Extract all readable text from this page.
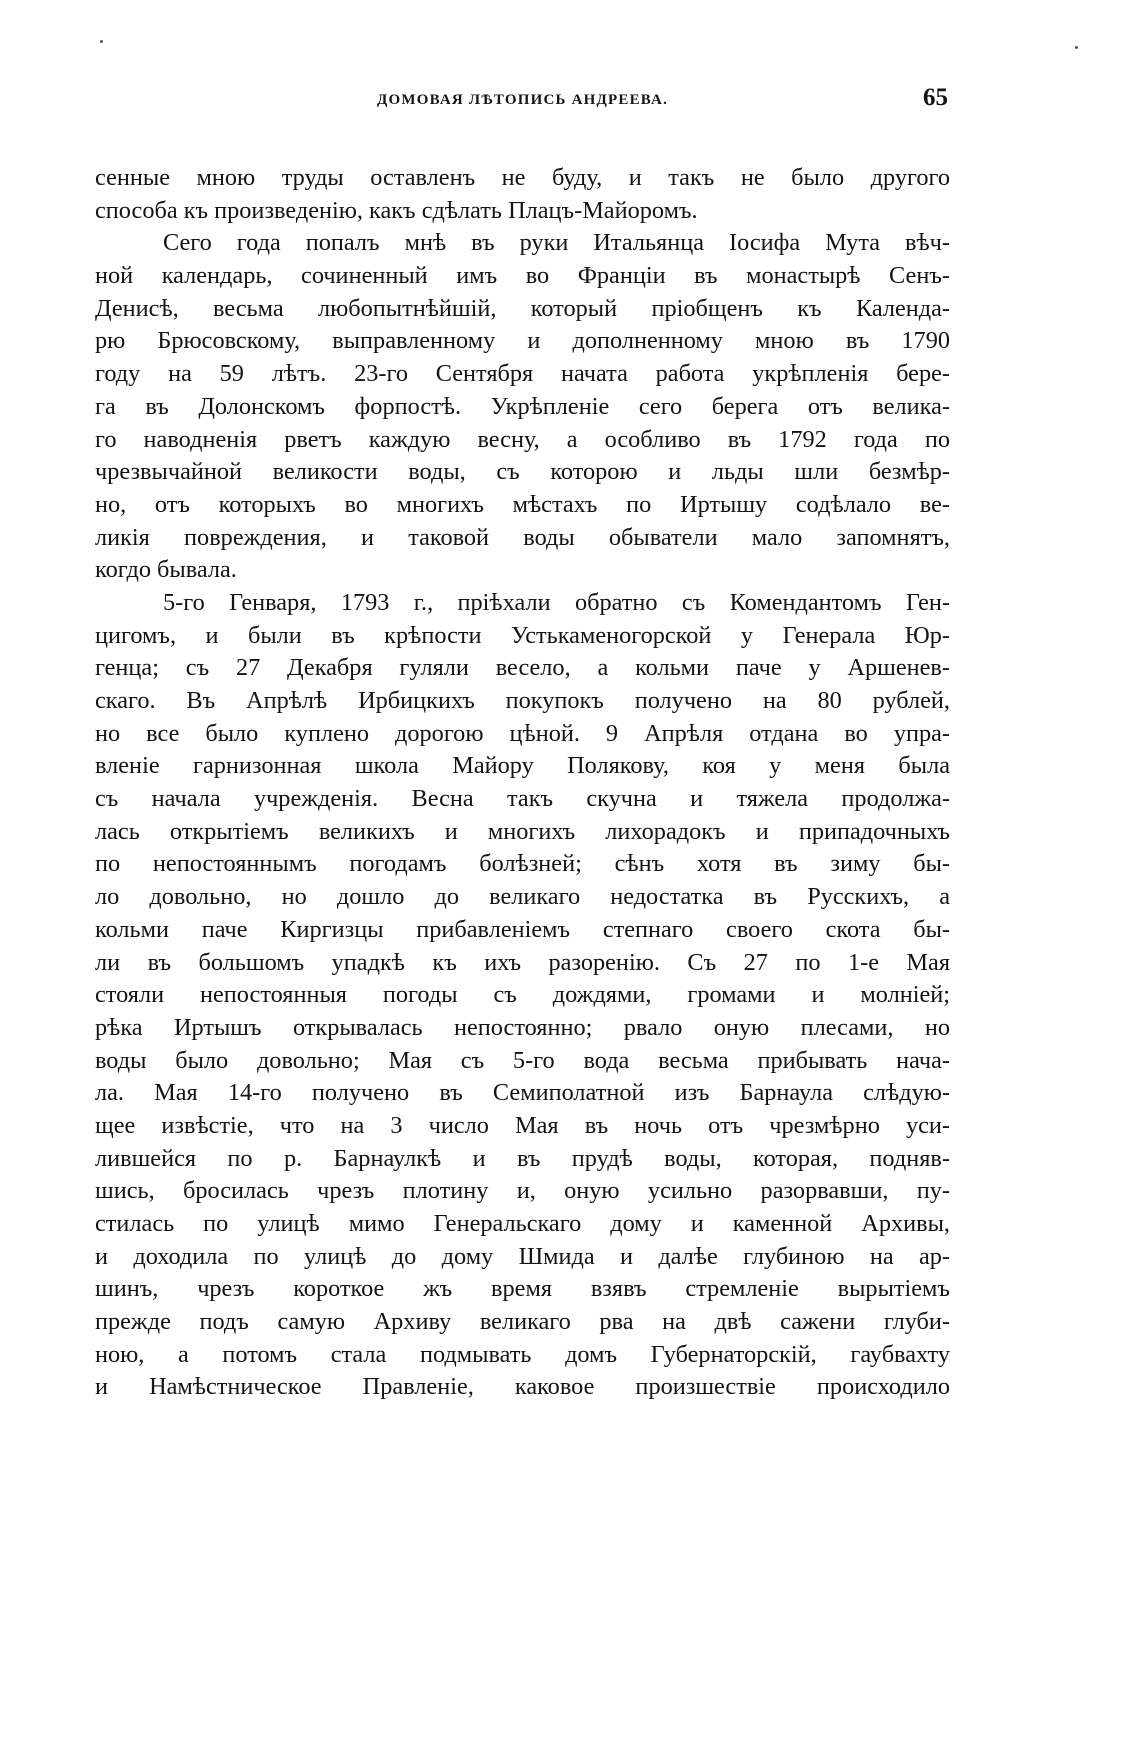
ДОМОВАЯ ЛѢТОПИСЬ АНДРЕЕВА.	65
сенные мною труды оставленъ не буду, и такъ не было другого
способа къ произведенію, какъ сдѣлать Плацъ-Майоромъ.
Сего года попалъ мнѣ въ руки Итальянца Іосифа Мута вѣч-
ной календарь, сочиненный имъ во Франціи въ монастырѣ Сенъ-
Денисѣ, весьма любопытнѣйшій, который пріобщенъ къ Календа-
рю Брюсовскому, выправленному и дополненному мною въ 1790
году на 59 лѣтъ. 23-го Сентября начата работа укрѣпленія бере-
га въ Долонскомъ форпостѣ. Укрѣпленіе сего берега отъ велика-
го наводненія рветъ каждую весну, а особливо въ 1792 года по
чрезвычайной великости воды, съ которою и льды шли безмѣр-
но, отъ которыхъ во многихъ мѣстахъ по Иртышу содѣлало ве-
ликія повреждения, и таковой воды обыватели мало запомнятъ,
когдо бывала.
5-го Генваря, 1793 г., пріѣхали обратно съ Комендантомъ Ген-
цигомъ, и были въ крѣпости Устькаменогорской у Генерала Юр-
генца; съ 27 Декабря гуляли весело, а кольми паче у Аршенев-
скаго. Въ Апрѣлѣ Ирбицкихъ покупокъ получено на 80 рублей,
но все было куплено дорогою цѣной. 9 Апрѣля отдана во упра-
вленіе гарнизонная школа Майору Полякову, коя у меня была
съ начала учрежденія. Весна такъ скучна и тяжела продолжа-
лась открытіемъ великихъ и многихъ лихорадокъ и припадочныхъ
по непостояннымъ погодамъ болѣзней; сѣнъ хотя въ зиму бы-
ло довольно, но дошло до великаго недостатка въ Русскихъ, а
кольми паче Киргизцы прибавленіемъ степнаго своего скота бы-
ли въ большомъ упадкѣ къ ихъ разоренію. Съ 27 по 1-е Мая
стояли непостоянныя погоды съ дождями, громами и молніей;
рѣка Иртышъ открывалась непостоянно; рвало оную плесами, но
воды было довольно; Мая съ 5-го вода весьма прибывать нача-
ла. Мая 14-го получено въ Семиполатной изъ Барнаула слѣдую-
щее извѣстіе, что на 3 число Мая въ ночь отъ чрезмѣрно уси-
лившейся по р. Барнаулкѣ и въ прудѣ воды, которая, подняв-
шись, бросилась чрезъ плотину и, оную усильно разорвавши, пу-
стилась по улицѣ мимо Генеральскаго дому и каменной Архивы,
и доходила по улицѣ до дому Шмида и далѣе глубиною на ар-
шинъ, чрезъ короткое жъ время взявъ стремленіе вырытіемъ
прежде подъ самую Архиву великаго рва на двѣ сажени глуби-
ною, а потомъ стала подмывать домъ Губернаторскій, гаубвахту
и Намѣстническое Правленіе, каковое произшествіе происходило
